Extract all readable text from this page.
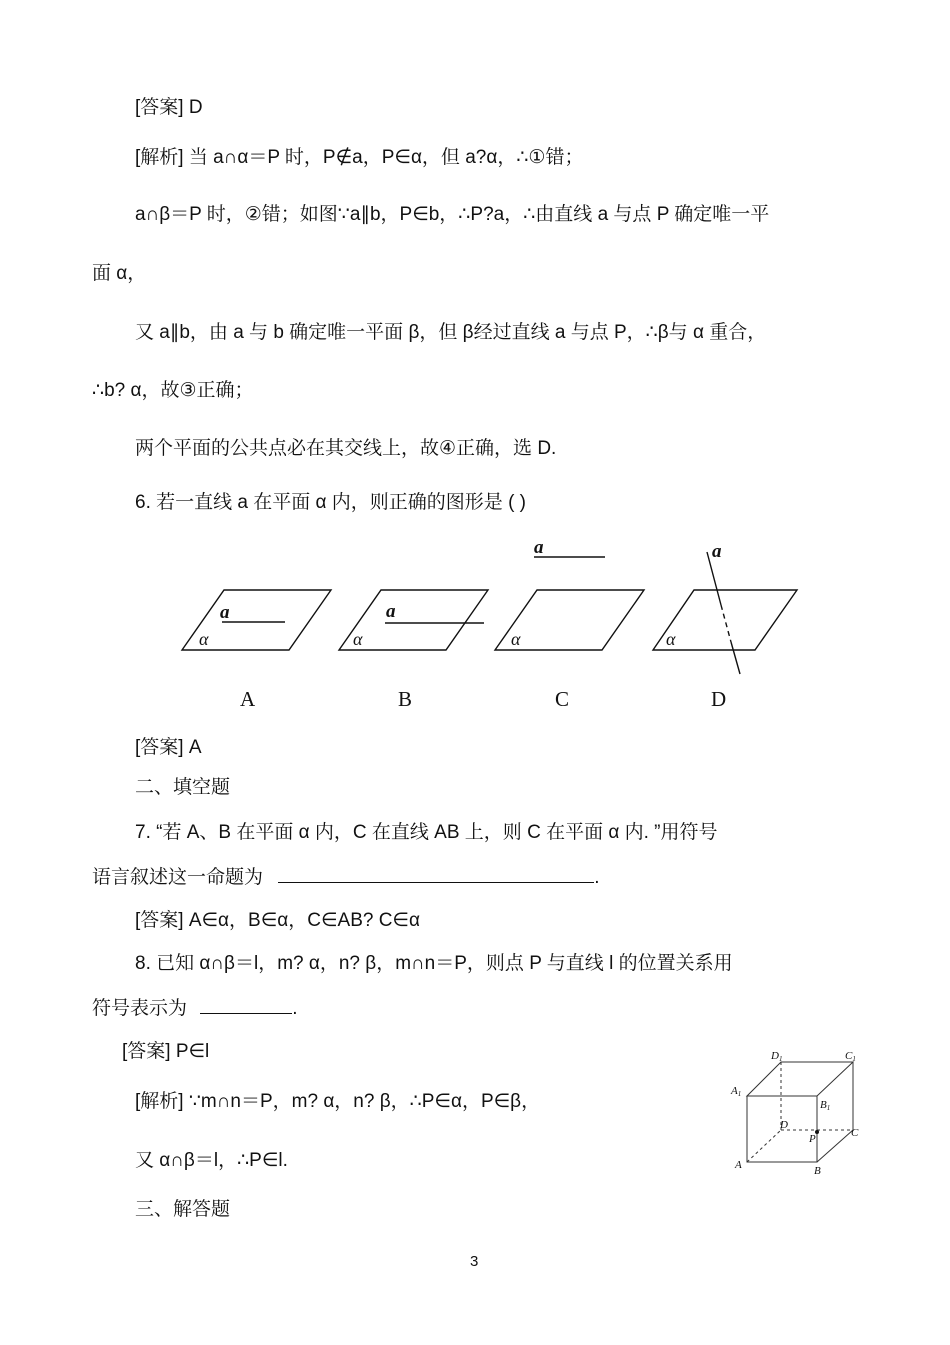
[答案] D
[解析] 当 a∩α＝P 时，P∉a，P∈α，但 a?α，∴①错；
a∩β＝P 时，②错；如图∵a∥b，P∈b，∴P?a，∴由直线 a 与点 P 确定唯一平
面 α，
又 a∥b，由 a 与 b 确定唯一平面 β，但 β经过直线 a 与点 P，∴β与 α 重合，
∴b? α，故③正确；
两个平面的公共点必在其交线上，故④正确，选 D.
6. 若一直线 a 在平面 α 内，则正确的图形是 ( )
a	a
a	a
α	α	α	α
A	B	C	D
[答案] A
二、填空题
7. “若 A、B 在平面 α 内，C 在直线 AB 上，则 C 在平面 α 内. ”用符号
语言叙述这一命题为	.
[答案] A∈α，B∈α，C∈AB? C∈α
8. 已知 α∩β＝l，m? α，n? β，m∩n＝P，则点 P 与直线 l 的位置关系用
符号表示为	.
[答案] P∈l
[解析] ∵m∩n＝P，m? α，n? β，∴P∈α，P∈β，
又 α∩β＝l，∴P∈l.
三、解答题
D1	C1
A1
B1
D
P	C
A	B
3
